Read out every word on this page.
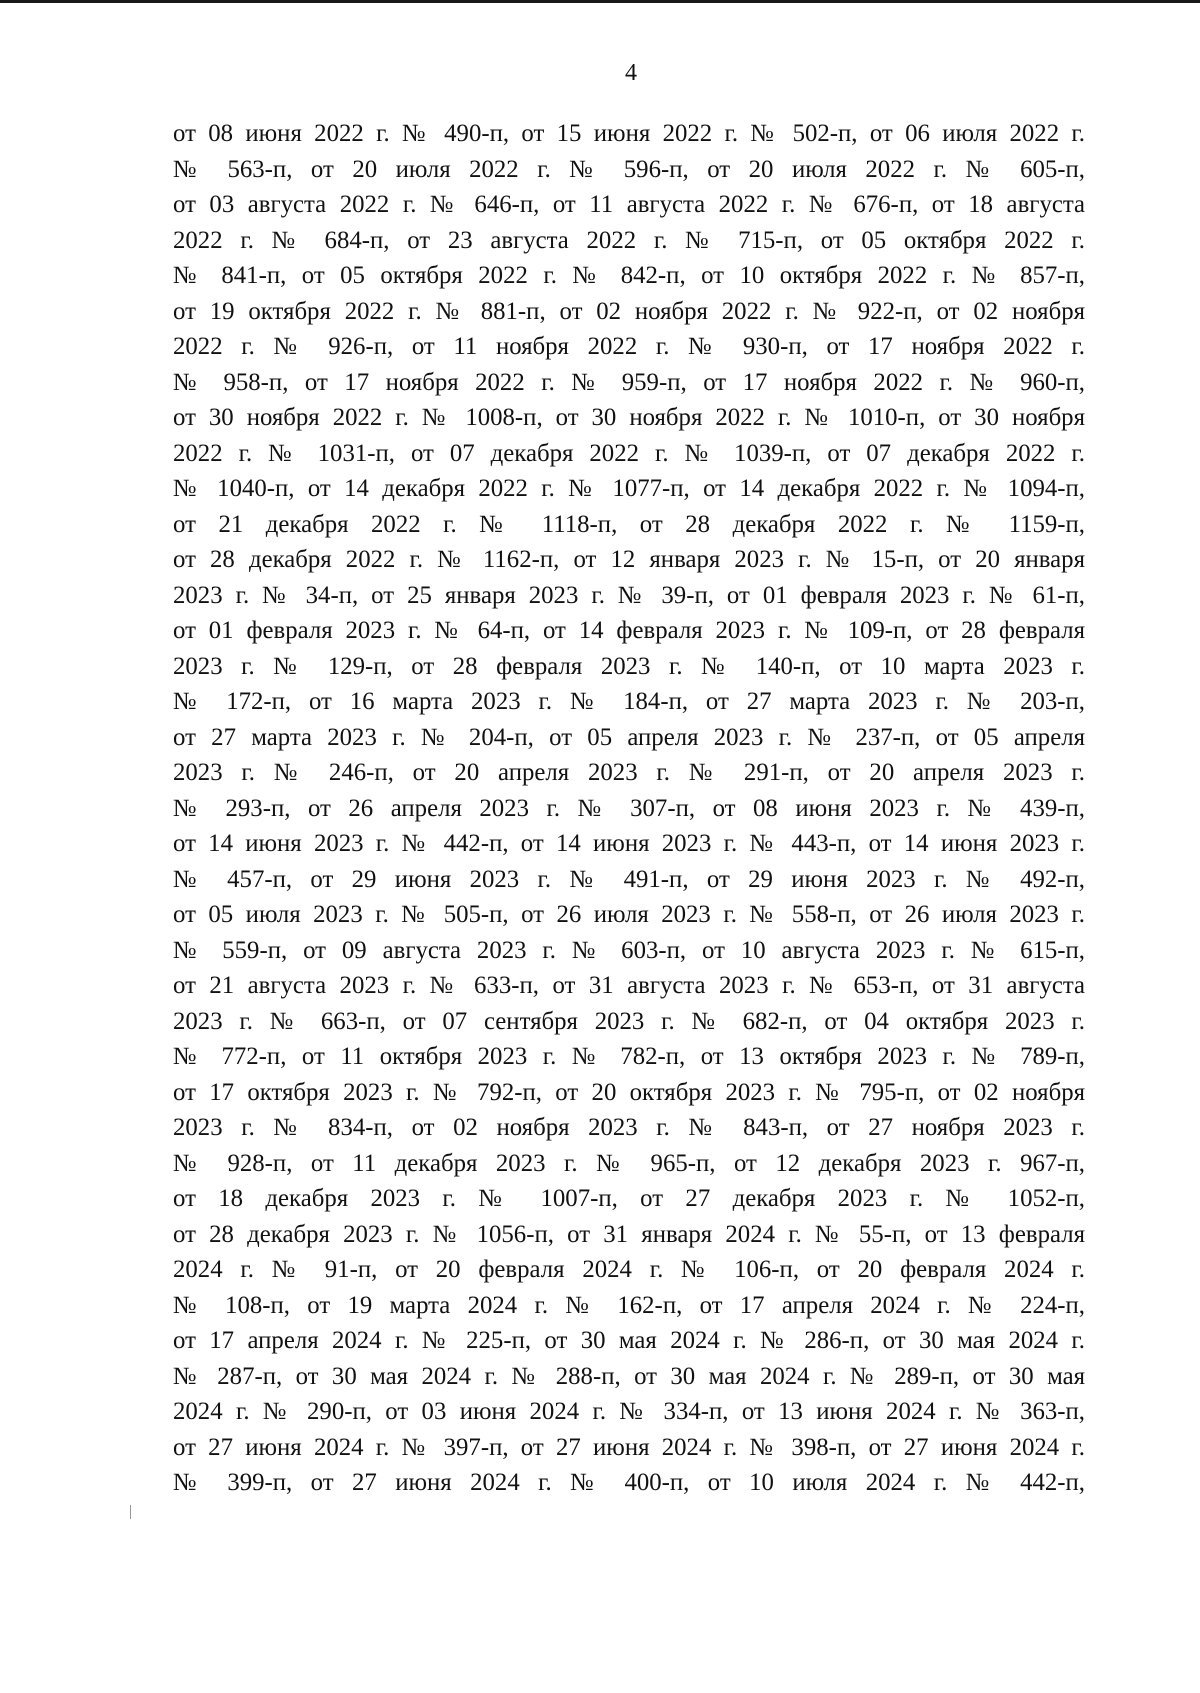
4
от 08 июня 2022 г. № 490-п, от 15 июня 2022 г. № 502-п, от 06 июля 2022 г.
№ 563-п, от 20 июля 2022 г. № 596-п, от 20 июля 2022 г. № 605-п,
от 03 августа 2022 г. № 646-п, от 11 августа 2022 г. № 676-п, от 18 августа
2022 г. № 684-п, от 23 августа 2022 г. № 715-п, от 05 октября 2022 г.
№ 841-п, от 05 октября 2022 г. № 842-п, от 10 октября 2022 г. № 857-п,
от 19 октября 2022 г. № 881-п, от 02 ноября 2022 г. № 922-п, от 02 ноября
2022 г. № 926-п, от 11 ноября 2022 г. № 930-п, от 17 ноября 2022 г.
№ 958-п, от 17 ноября 2022 г. № 959-п, от 17 ноября 2022 г. № 960-п,
от 30 ноября 2022 г. № 1008-п, от 30 ноября 2022 г. № 1010-п, от 30 ноября
2022 г. № 1031-п, от 07 декабря 2022 г. № 1039-п, от 07 декабря 2022 г.
№ 1040-п, от 14 декабря 2022 г. № 1077-п, от 14 декабря 2022 г. № 1094-п,
от 21 декабря 2022 г. № 1118-п, от 28 декабря 2022 г. № 1159-п,
от 28 декабря 2022 г. № 1162-п, от 12 января 2023 г. № 15-п, от 20 января
2023 г. № 34-п, от 25 января 2023 г. № 39-п, от 01 февраля 2023 г. № 61-п,
от 01 февраля 2023 г. № 64-п, от 14 февраля 2023 г. № 109-п, от 28 февраля
2023 г. № 129-п, от 28 февраля 2023 г. № 140-п, от 10 марта 2023 г.
№ 172-п, от 16 марта 2023 г. № 184-п, от 27 марта 2023 г. № 203-п,
от 27 марта 2023 г. № 204-п, от 05 апреля 2023 г. № 237-п, от 05 апреля
2023 г. № 246-п, от 20 апреля 2023 г. № 291-п, от 20 апреля 2023 г.
№ 293-п, от 26 апреля 2023 г. № 307-п, от 08 июня 2023 г. № 439-п,
от 14 июня 2023 г. № 442-п, от 14 июня 2023 г. № 443-п, от 14 июня 2023 г.
№ 457-п, от 29 июня 2023 г. № 491-п, от 29 июня 2023 г. № 492-п,
от 05 июля 2023 г. № 505-п, от 26 июля 2023 г. № 558-п, от 26 июля 2023 г.
№ 559-п, от 09 августа 2023 г. № 603-п, от 10 августа 2023 г. № 615-п,
от 21 августа 2023 г. № 633-п, от 31 августа 2023 г. № 653-п, от 31 августа
2023 г. № 663-п, от 07 сентября 2023 г. № 682-п, от 04 октября 2023 г.
№ 772-п, от 11 октября 2023 г. № 782-п, от 13 октября 2023 г. № 789-п,
от 17 октября 2023 г. № 792-п, от 20 октября 2023 г. № 795-п, от 02 ноября
2023 г. № 834-п, от 02 ноября 2023 г. № 843-п, от 27 ноября 2023 г.
№ 928-п, от 11 декабря 2023 г. № 965-п, от 12 декабря 2023 г. 967-п,
от 18 декабря 2023 г. № 1007-п, от 27 декабря 2023 г. № 1052-п,
от 28 декабря 2023 г. № 1056-п, от 31 января 2024 г. № 55-п, от 13 февраля
2024 г. № 91-п, от 20 февраля 2024 г. № 106-п, от 20 февраля 2024 г.
№ 108-п, от 19 марта 2024 г. № 162-п, от 17 апреля 2024 г. № 224-п,
от 17 апреля 2024 г. № 225-п, от 30 мая 2024 г. № 286-п, от 30 мая 2024 г.
№ 287-п, от 30 мая 2024 г. № 288-п, от 30 мая 2024 г. № 289-п, от 30 мая
2024 г. № 290-п, от 03 июня 2024 г. № 334-п, от 13 июня 2024 г. № 363-п,
от 27 июня 2024 г. № 397-п, от 27 июня 2024 г. № 398-п, от 27 июня 2024 г.
№ 399-п, от 27 июня 2024 г. № 400-п, от 10 июля 2024 г. № 442-п,
